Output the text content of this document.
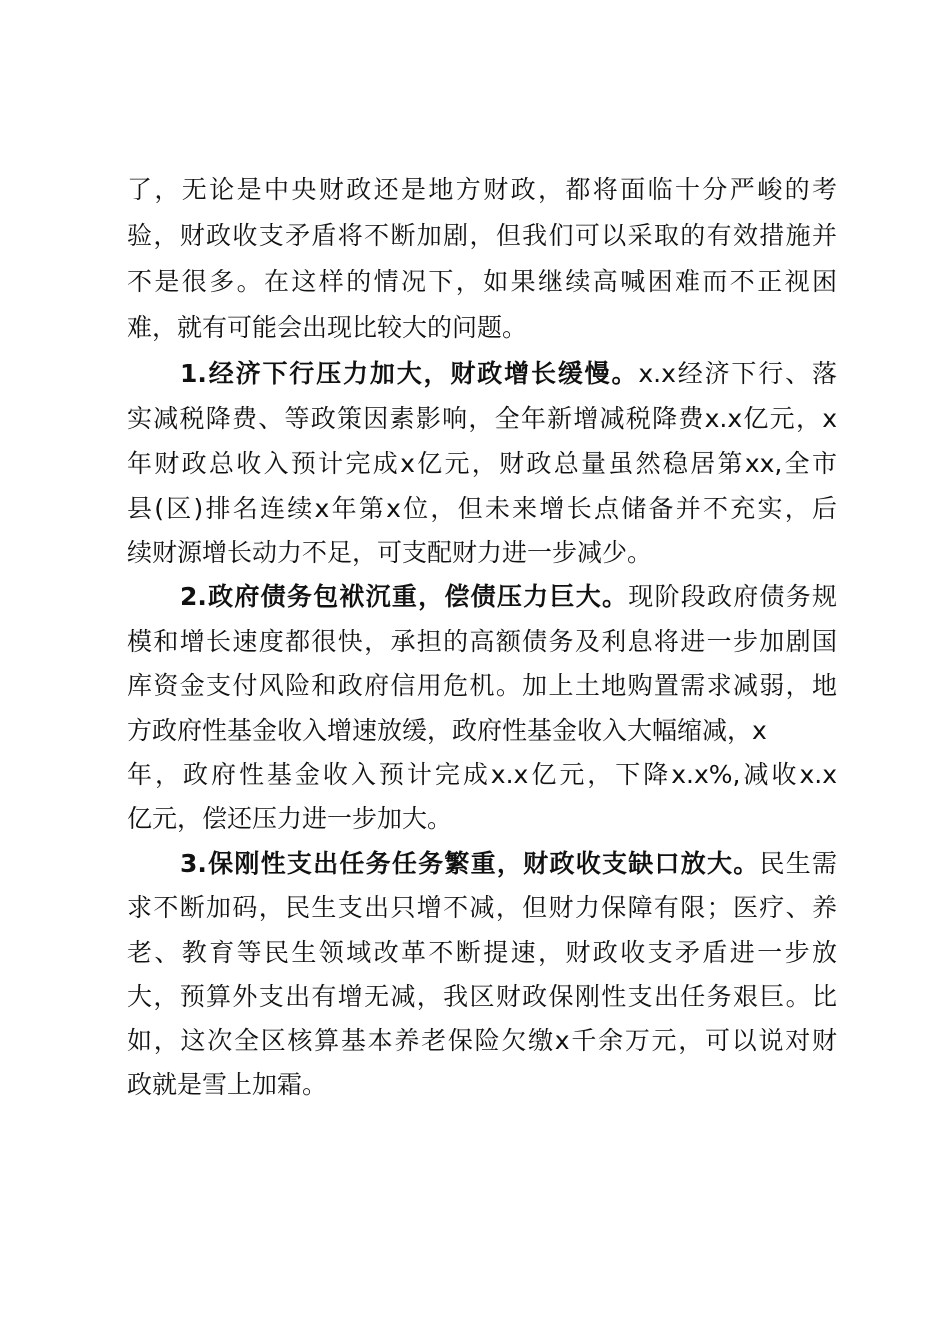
了，无论是中央财政还是地方财政，都将面临十分严峻的考
验，财政收支矛盾将不断加剧，但我们可以采取的有效措施并
不是很多。在这样的情况下，如果继续高喊困难而不正视困
难，就有可能会出现比较大的问题。
1.经济下行压力加大，财政增长缓慢。x.x经济下行、落
实减税降费、等政策因素影响，全年新增减税降费x.x亿元，x
年财政总收入预计完成x亿元，财政总量虽然稳居第xx,全市
县(区)排名连续x年第x位，但未来增长点储备并不充实，后
续财源增长动力不足，可支配财力进一步减少。
2.政府债务包袱沉重，偿债压力巨大。现阶段政府债务规
模和增长速度都很快，承担的高额债务及利息将进一步加剧国
库资金支付风险和政府信用危机。加上土地购置需求减弱，地
方政府性基金收入增速放缓，政府性基金收入大幅缩减，x
年，政府性基金收入预计完成x.x亿元，下降x.x%,减收x.x
亿元，偿还压力进一步加大。
3.保刚性支出任务任务繁重，财政收支缺口放大。民生需
求不断加码，民生支出只增不减，但财力保障有限；医疗、养
老、教育等民生领域改革不断提速，财政收支矛盾进一步放
大，预算外支出有增无减，我区财政保刚性支出任务艰巨。比
如，这次全区核算基本养老保险欠缴x千余万元，可以说对财
政就是雪上加霜。
